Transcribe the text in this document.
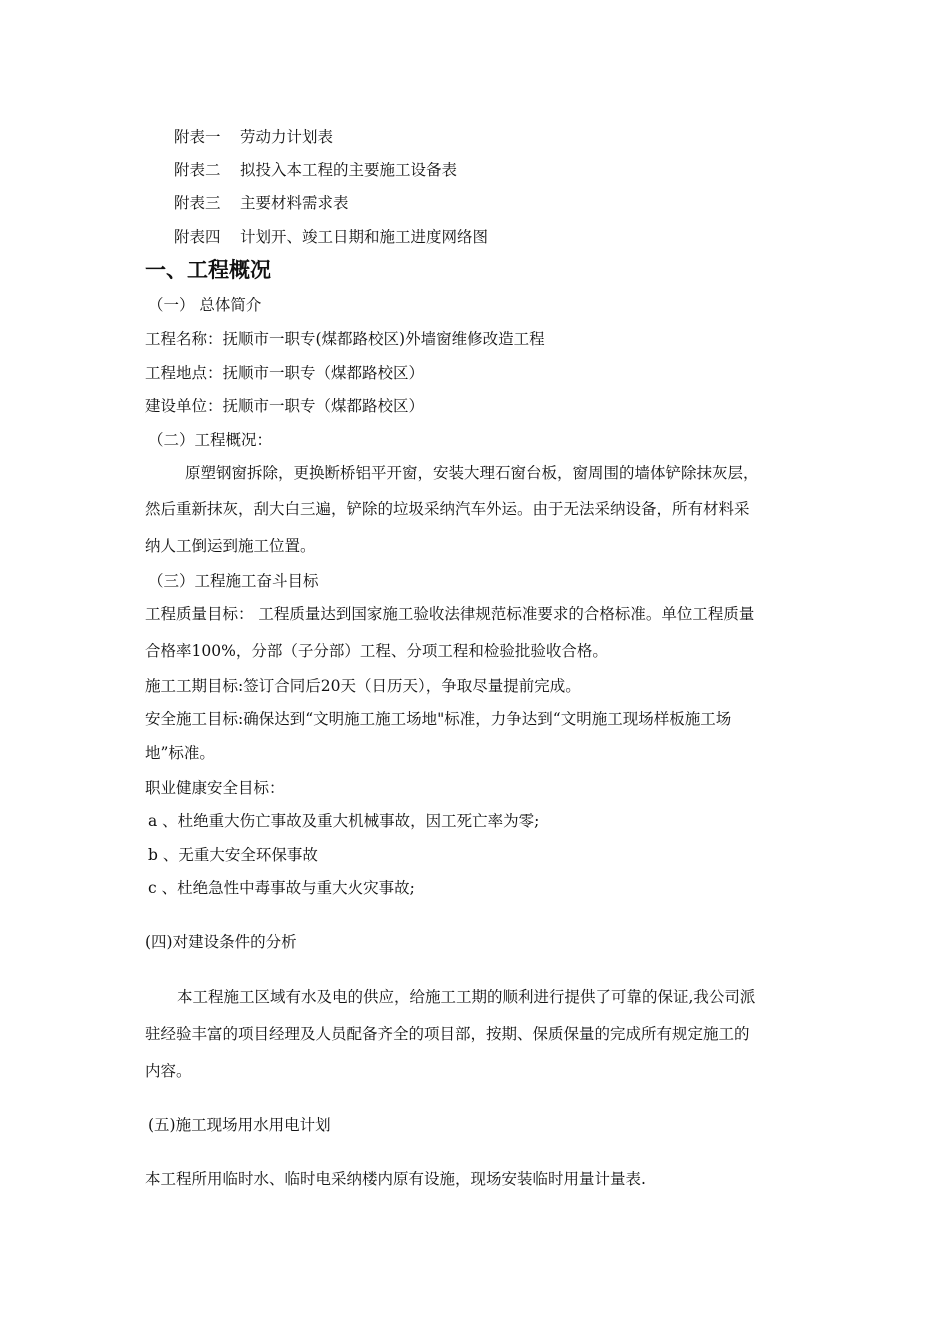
附表一 劳动力计划表
附表二 拟投入本工程的主要施工设备表
附表三 主要材料需求表
附表四 计划开、竣工日期和施工进度网络图
一、工程概况
（一） 总体简介
工程名称：抚顺市一职专(煤都路校区)外墙窗维修改造工程
工程地点：抚顺市一职专（煤都路校区）
建设单位：抚顺市一职专（煤都路校区）
（二）工程概况：
原塑钢窗拆除，更换断桥铝平开窗，安装大理石窗台板，窗周围的墙体铲除抹灰层，
然后重新抹灰，刮大白三遍，铲除的垃圾采纳汽车外运。由于无法采纳设备，所有材料采
纳人工倒运到施工位置。
（三）工程施工奋斗目标
工程质量目标： 工程质量达到国家施工验收法律规范标准要求的合格标准。单位工程质量
合格率100%，分部（子分部）工程、分项工程和检验批验收合格。
施工工期目标:签订合同后20天（日历天），争取尽量提前完成。
安全施工目标:确保达到“文明施工施工场地"标准，力争达到“文明施工现场样板施工场
地”标准。
职业健康安全目标：
a 、杜绝重大伤亡事故及重大机械事故，因工死亡率为零;
b 、无重大安全环保事故
c 、杜绝急性中毒事故与重大火灾事故;
(四)对建设条件的分析
本工程施工区域有水及电的供应，给施工工期的顺利进行提供了可靠的保证,我公司派
驻经验丰富的项目经理及人员配备齐全的项目部，按期、保质保量的完成所有规定施工的
内容。
(五)施工现场用水用电计划
本工程所用临时水、临时电采纳楼内原有设施，现场安装临时用量计量表.
